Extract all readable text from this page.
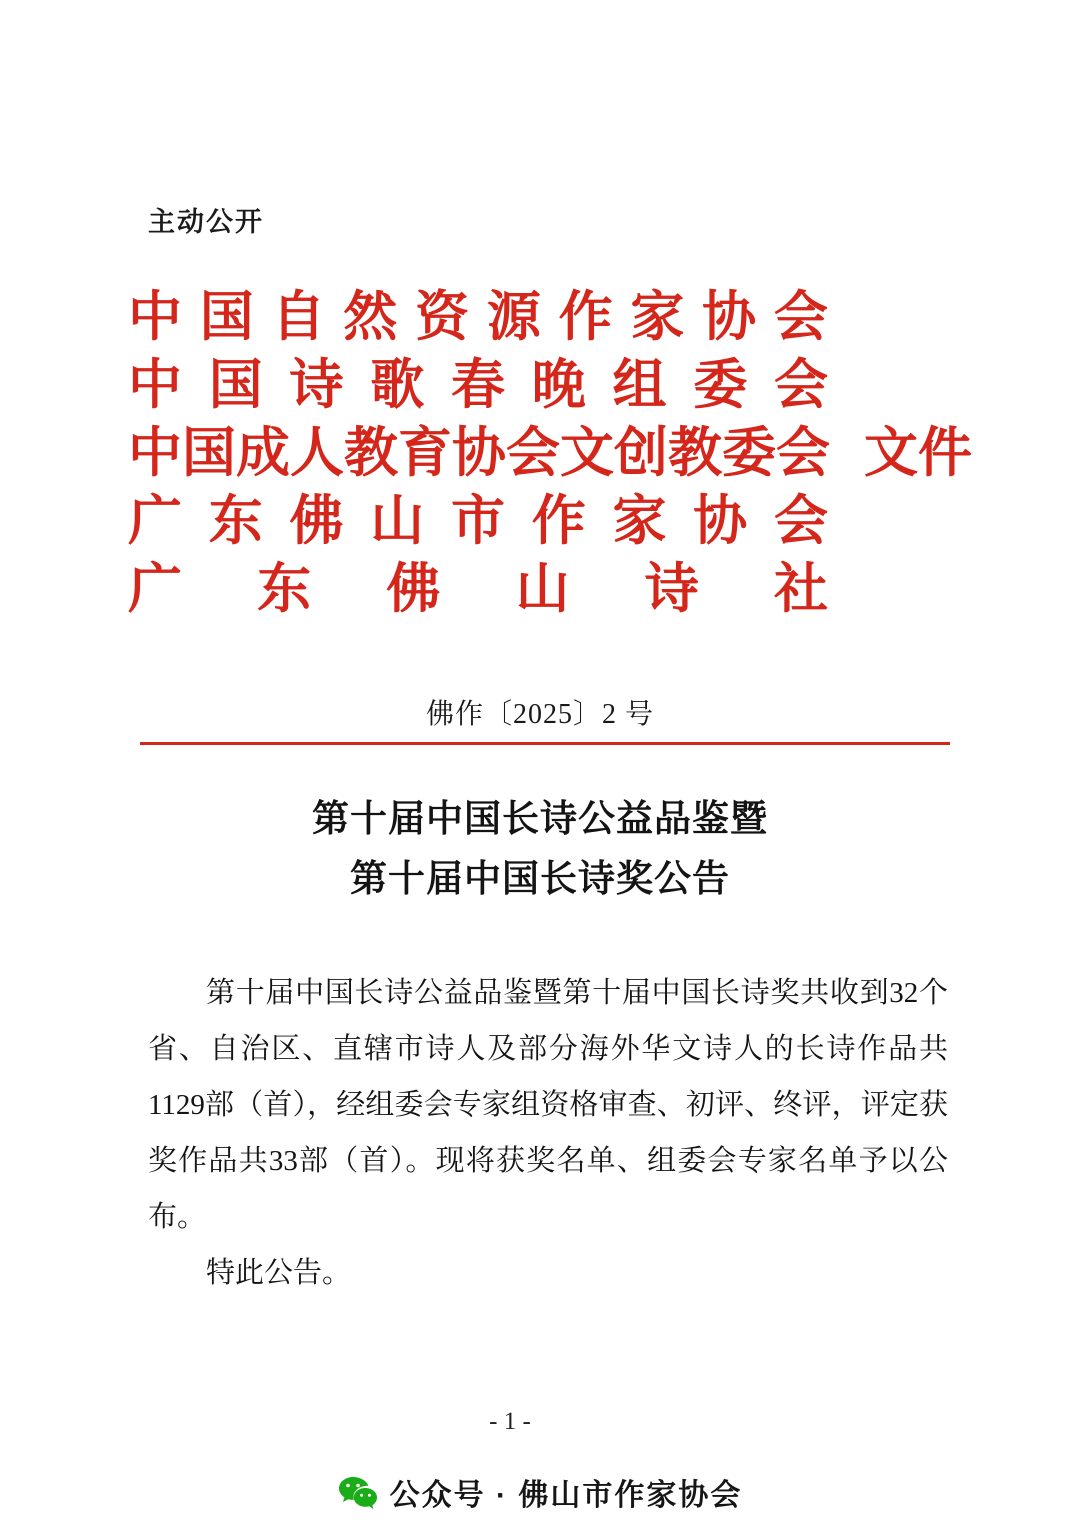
主动公开
中 国 自 然 资 源 作 家 协 会
中 国 诗 歌 春 晚 组 委 会
中 国 成 人 教 育 协 会 文 创 教 委 会 文件
广 东 佛 山 市 作 家 协 会
广 东 佛 山 诗 社
佛作〔2025〕2 号
第十届中国长诗公益品鉴暨
第十届中国长诗奖公告

第十届中国长诗公益品鉴暨第十届中国长诗奖共收到32个省、自治区、直辖市诗人及部分海外华文诗人的长诗作品共1129部（首），经组委会专家组资格审查、初评、终评，评定获奖作品共33部（首）。现将获奖名单、组委会专家名单予以公布。

特此公告。

- 1 -
公众号 · 佛山市作家协会
